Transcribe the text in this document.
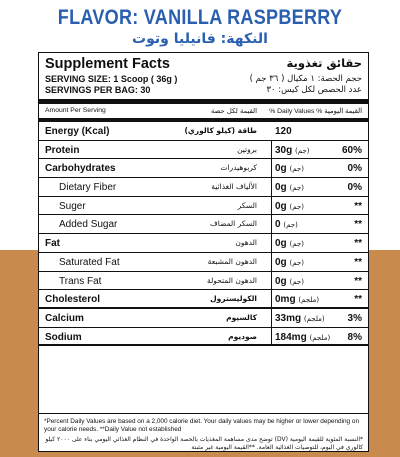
FLAVOR: VANILLA RASPBERRY
النكهة: فانيليا وتوت
Supplement Facts	حقائق تغذوية
SERVING SIZE: 1 Scoop ( 36g )	حجم الحصة: ١ مكيال ( ٣٦ جم )
SERVINGS PER BAG: 30	عدد الحصص لكل كيس: ٣٠
Amount Per Serving	القيمة لكل حصة % Daily Values % القيمة اليومية
Energy (Kcal)	طاقة (كيلو كالوري) 120
Protein	بروتين 30g (جم)	60%
Carbohydrates	كربوهيدرات 0g (جم)	0%
Dietary Fiber	الألياف الغذائية 0g (جم)	0%
Suger	السكر 0g (جم)	**
Added Sugar	السكر المضاف 0 (جم)	**
Fat	الدهون 0g (جم)	**
Saturated Fat	الدهون المشبعة 0g (جم)	**
Trans Fat	الدهون المتحولة 0g (جم)	**
Cholesterol	الكوليسترول 0mg (ملجم)	**
Calcium	كالسيوم 33mg (ملجم) 3%
Sodium	صوديوم 184mg (ملجم) 8%
*Percent Daily Values are based on a 2,000 calorie diet. Your daily values may be higher or lower depending on your calorie needs. **Daily Value not established
*النسبة المئوية للقيمة اليومية (DV) توضح مدى مساهمة المغذيات بالحصة الواحدة في النظام الغذائي اليومي بناء على ٢٠٠٠ كيلو كالوري في اليوم، للتوصيات الغذائية العامة. **القيمة اليومية غير مثبتة
